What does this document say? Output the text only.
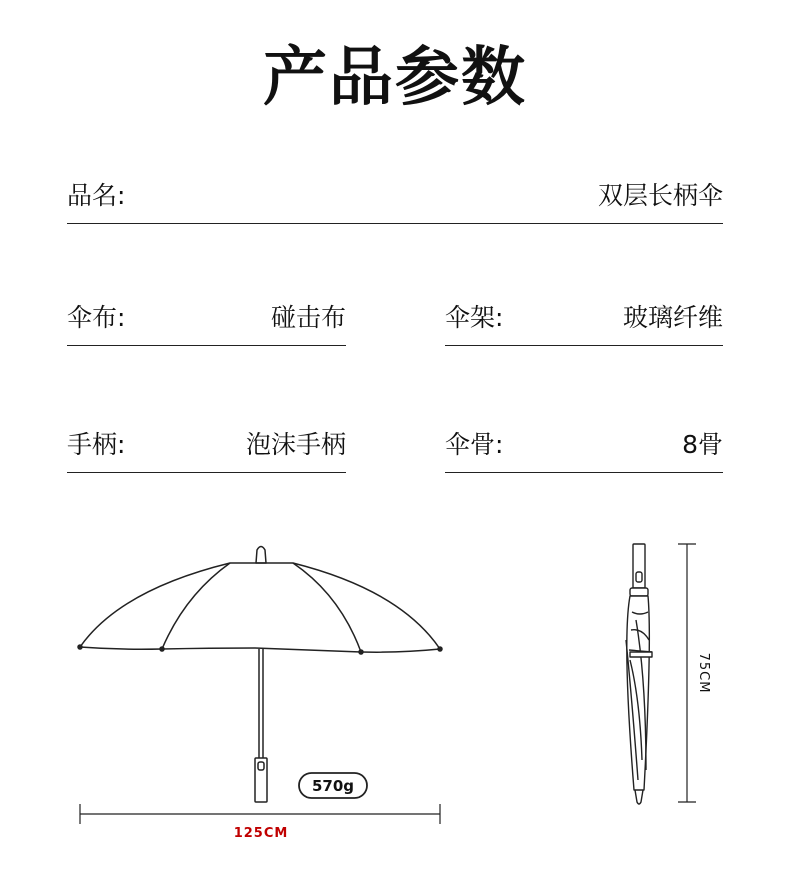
产品参数
品名:	双层长柄伞
伞布:	碰击布	伞架:	玻璃纤维
手柄:	泡沫手柄	伞骨:	8骨
570g
125CM
75CM
